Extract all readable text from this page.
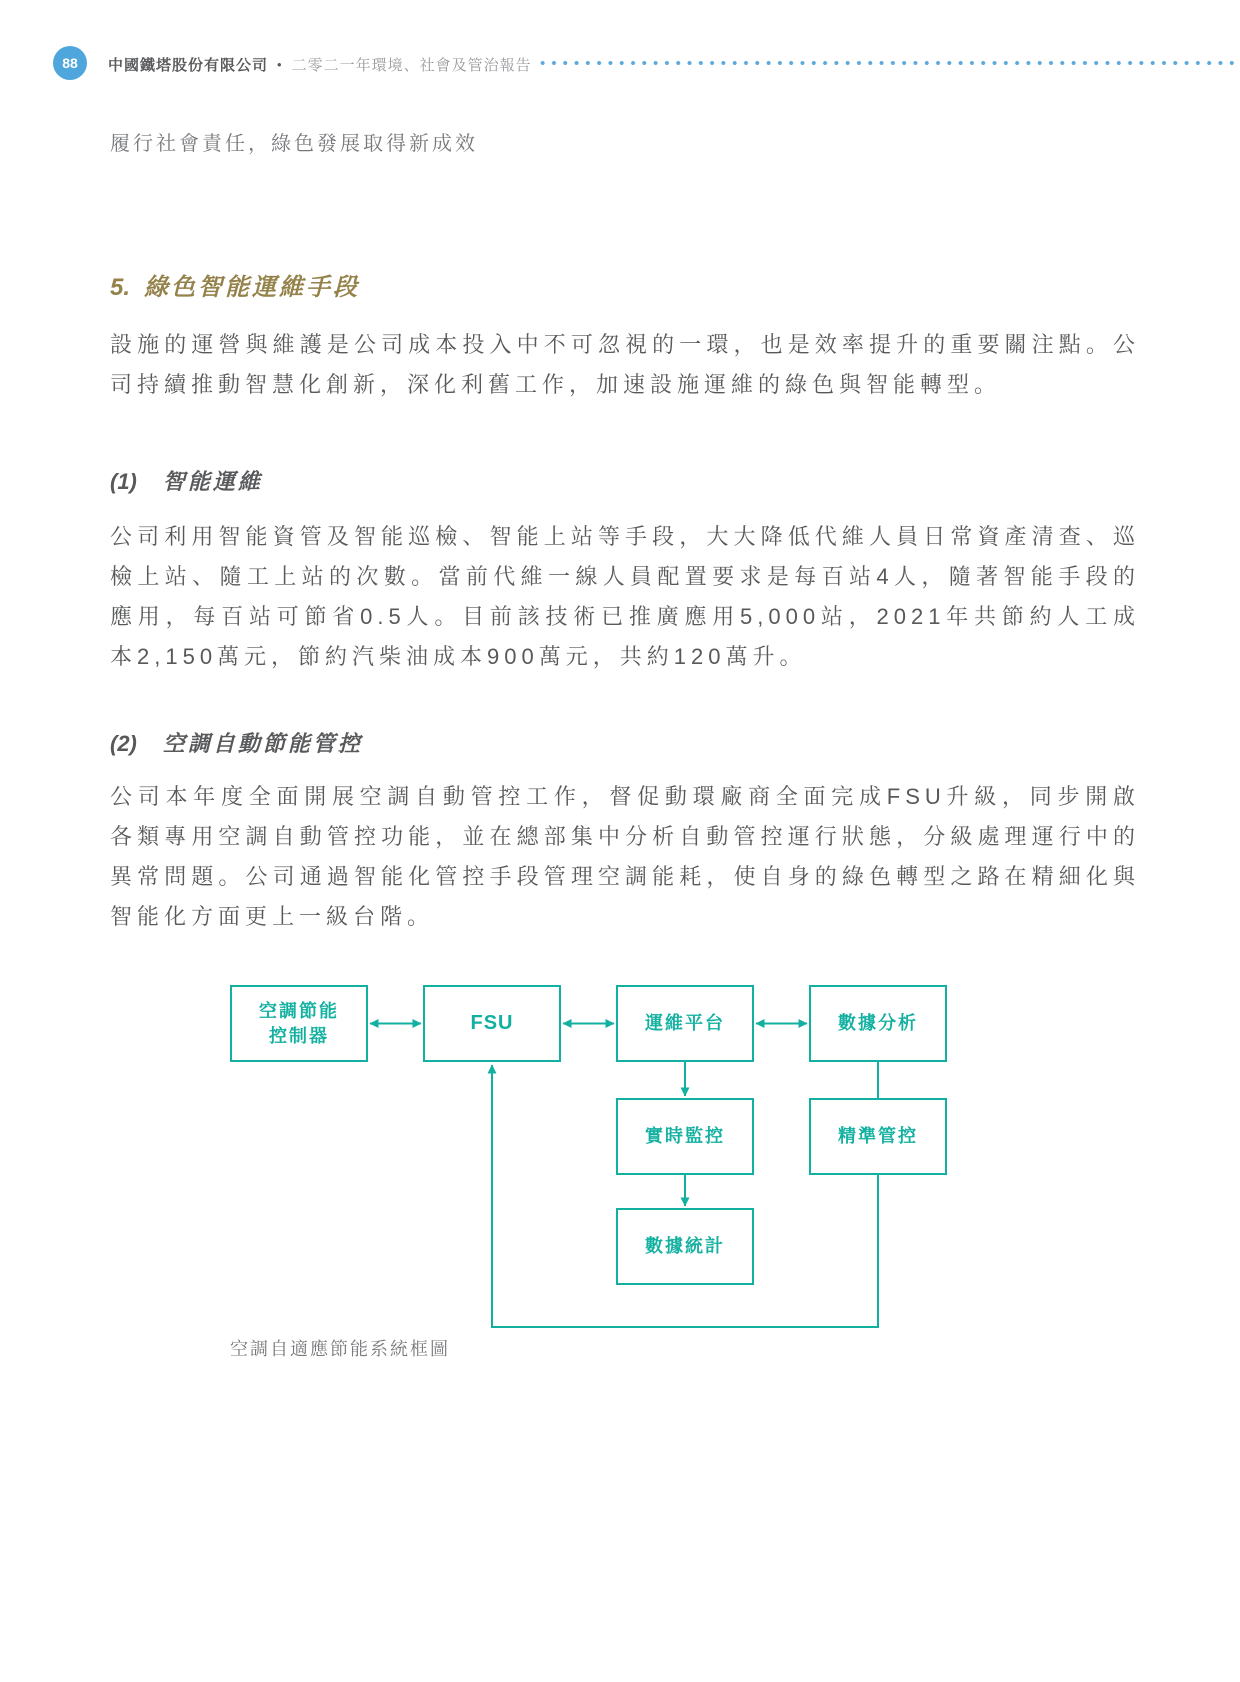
88 中國鐵塔股份有限公司 • 二零二一年環境、社會及管治報告
履行社會責任，綠色發展取得新成效
5. 綠色智能運維手段

設施的運營與維護是公司成本投入中不可忽視的一環，也是效率提升的重要關注點。公司持續推動智慧化創新，深化利舊工作，加速設施運維的綠色與智能轉型。

(1) 智能運維

公司利用智能資管及智能巡檢、智能上站等手段，大大降低代維人員日常資產清查、巡檢上站、隨工上站的次數。當前代維一線人員配置要求是每百站4人，隨著智能手段的應用，每百站可節省0.5人。目前該技術已推廣應用5,000站，2021年共節約人工成本2,150萬元，節約汽柴油成本900萬元，共約120萬升。

(2) 空調自動節能管控

公司本年度全面開展空調自動管控工作，督促動環廠商全面完成FSU升級，同步開啟各類專用空調自動管控功能，並在總部集中分析自動管控運行狀態，分級處理運行中的異常問題。公司通過智能化管控手段管理空調能耗，使自身的綠色轉型之路在精細化與智能化方面更上一級台階。

空調節能
控制器
FSU	運維平台	數據分析
實時監控	精準管控
數據統計
空調自適應節能系統框圖
